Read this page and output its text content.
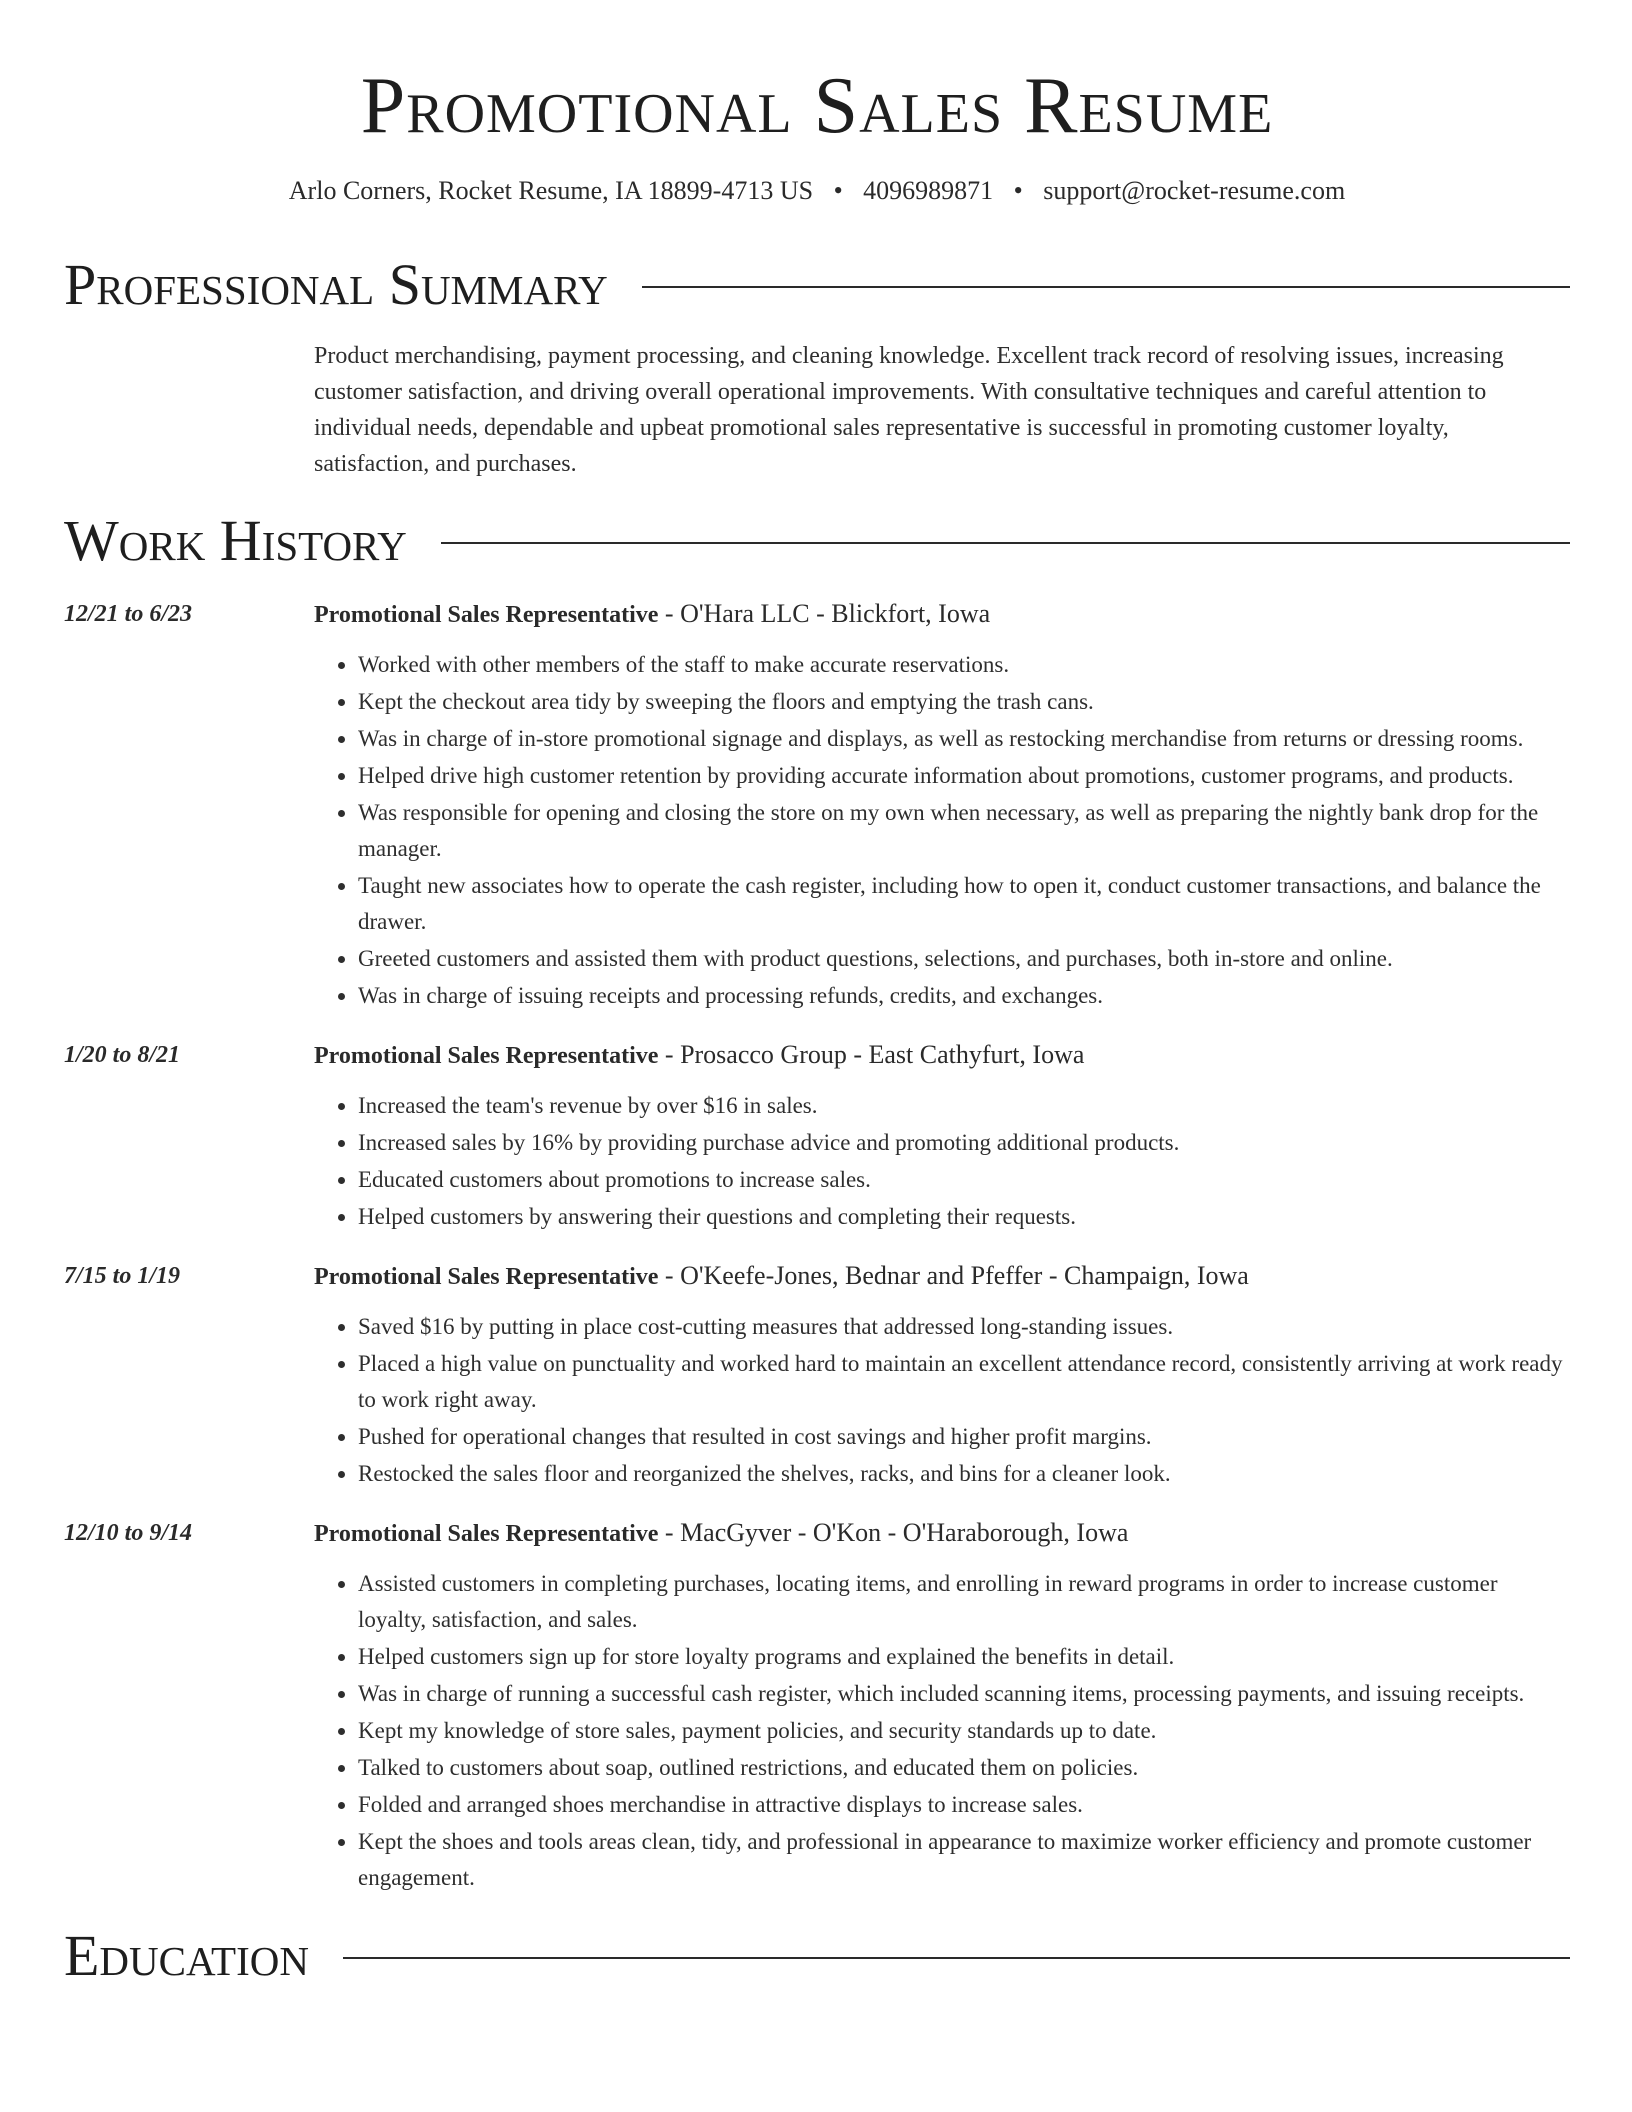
Promotional Sales Resume
Arlo Corners, Rocket Resume, IA 18899-4713 US • 4096989871 • support@rocket-resume.com
Professional Summary

Product merchandising, payment processing, and cleaning knowledge. Excellent track record of resolving issues, increasing customer satisfaction, and driving overall operational improvements. With consultative techniques and careful attention to individual needs, dependable and upbeat promotional sales representative is successful in promoting customer loyalty, satisfaction, and purchases.

Work History
12/21 to 6/23	Promotional Sales Representative - O'Hara LLC - Blickfort, Iowa
• Worked with other members of the staff to make accurate reservations.
• Kept the checkout area tidy by sweeping the floors and emptying the trash cans.
• Was in charge of in-store promotional signage and displays, as well as restocking merchandise from returns or dressing rooms.
• Helped drive high customer retention by providing accurate information about promotions, customer programs, and products.
• Was responsible for opening and closing the store on my own when necessary, as well as preparing the nightly bank drop for the manager.
• Taught new associates how to operate the cash register, including how to open it, conduct customer transactions, and balance the drawer.
• Greeted customers and assisted them with product questions, selections, and purchases, both in-store and online.
• Was in charge of issuing receipts and processing refunds, credits, and exchanges.
1/20 to 8/21	Promotional Sales Representative - Prosacco Group - East Cathyfurt, Iowa
• Increased the team's revenue by over $16 in sales.
• Increased sales by 16% by providing purchase advice and promoting additional products.
• Educated customers about promotions to increase sales.
• Helped customers by answering their questions and completing their requests.
7/15 to 1/19	Promotional Sales Representative - O'Keefe-Jones, Bednar and Pfeffer - Champaign, Iowa
• Saved $16 by putting in place cost-cutting measures that addressed long-standing issues.
• Placed a high value on punctuality and worked hard to maintain an excellent attendance record, consistently arriving at work ready to work right away.
• Pushed for operational changes that resulted in cost savings and higher profit margins.
• Restocked the sales floor and reorganized the shelves, racks, and bins for a cleaner look.
12/10 to 9/14	Promotional Sales Representative - MacGyver - O'Kon - O'Haraborough, Iowa
• Assisted customers in completing purchases, locating items, and enrolling in reward programs in order to increase customer loyalty, satisfaction, and sales.
• Helped customers sign up for store loyalty programs and explained the benefits in detail.
• Was in charge of running a successful cash register, which included scanning items, processing payments, and issuing receipts.
• Kept my knowledge of store sales, payment policies, and security standards up to date.
• Talked to customers about soap, outlined restrictions, and educated them on policies.
• Folded and arranged shoes merchandise in attractive displays to increase sales.
• Kept the shoes and tools areas clean, tidy, and professional in appearance to maximize worker efficiency and promote customer engagement.
Education
